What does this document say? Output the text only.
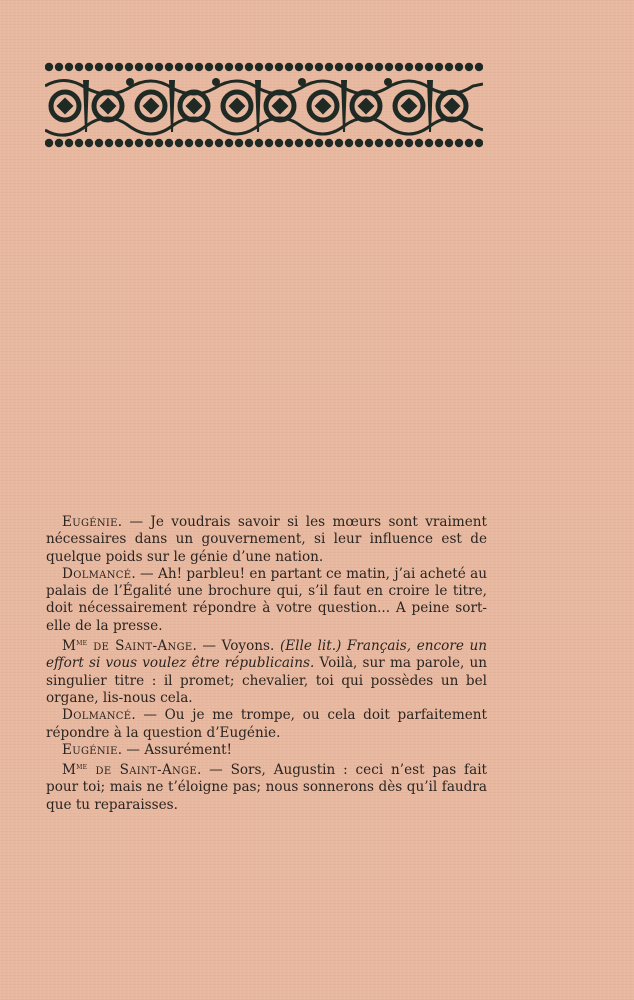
Eugénie. — Je voudrais savoir si les mœurs sont vraiment nécessaires dans un gouvernement, si leur influence est de quelque poids sur le génie d’une nation.

Dolmancé. — Ah! parbleu! en partant ce matin, j’ai acheté au palais de l’Égalité une brochure qui, s’il faut en croire le titre, doit nécessairement répondre à votre question... A peine sort-elle de la presse.

$M^{me}$ de Saint-Ange. — Voyons. (Elle lit.) Français, encore un effort si vous voulez être républicains. Voilà, sur ma parole, un singulier titre : il promet; chevalier, toi qui possèdes un bel organe, lis-nous cela.

Dolmancé. — Ou je me trompe, ou cela doit parfaitement répondre à la question d’Eugénie.

Eugénie. — Assurément!

$M^{me}$ de Saint-Ange. — Sors, Augustin : ceci n’est pas fait pour toi; mais ne t’éloigne pas; nous sonnerons dès qu’il faudra que tu reparaisses.
